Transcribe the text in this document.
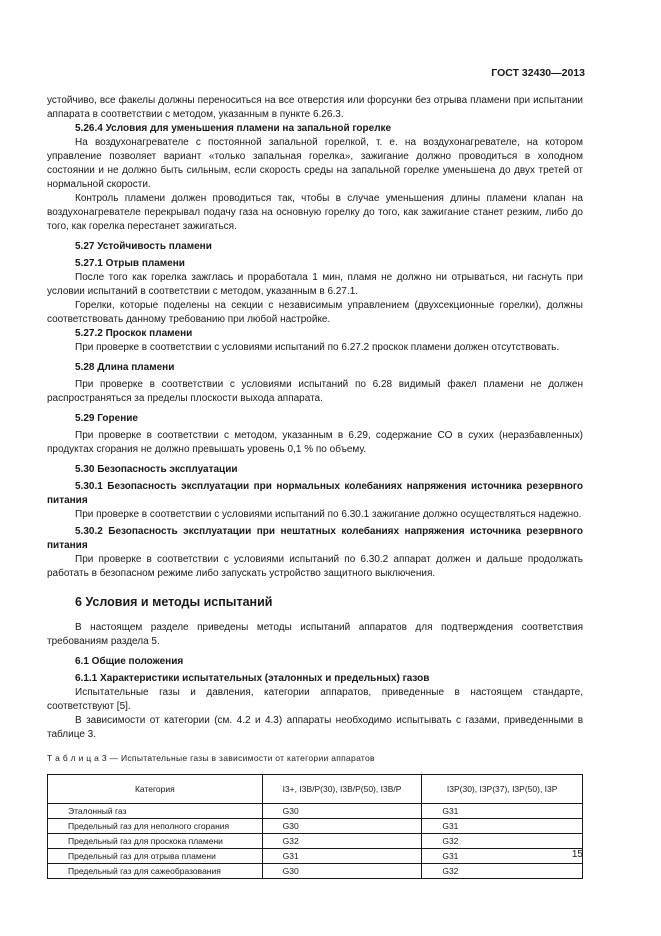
ГОСТ 32430—2013

устойчиво, все факелы должны переноситься на все отверстия или форсунки без отрыва пламени при испытании аппарата в соответствии с методом, указанным в пункте 6.26.3.

5.26.4 Условия для уменьшения пламени на запальной горелке

На воздухонагревателе с постоянной запальной горелкой, т. е. на воздухонагревателе, на котором управление позволяет вариант «только запальная горелка», зажигание должно проводиться в холодном состоянии и не должно быть сильным, если скорость среды на запальной горелке уменьшена до двух третей от нормальной скорости.

Контроль пламени должен проводиться так, чтобы в случае уменьшения длины пламени клапан на воздухонагревателе перекрывал подачу газа на основную горелку до того, как зажигание станет резким, либо до того, как горелка перестанет зажигаться.

5.27 Устойчивость пламени

5.27.1 Отрыв пламени

После того как горелка зажглась и проработала 1 мин, пламя не должно ни отрываться, ни гаснуть при условии испытаний в соответствии с методом, указанным в 6.27.1.

Горелки, которые поделены на секции с независимым управлением (двухсекционные горелки), должны соответствовать данному требованию при любой настройке.

5.27.2 Проскок пламени

При проверке в соответствии с условиями испытаний по 6.27.2 проскок пламени должен отсутствовать.

5.28 Длина пламени

При проверке в соответствии с условиями испытаний по 6.28 видимый факел пламени не должен распространяться за пределы плоскости выхода аппарата.

5.29 Горение

При проверке в соответствии с методом, указанным в 6.29, содержание CO в сухих (неразбавленных) продуктах сгорания не должно превышать уровень 0,1 % по объему.

5.30 Безопасность эксплуатации

5.30.1 Безопасность эксплуатации при нормальных колебаниях напряжения источника резервного питания

При проверке в соответствии с условиями испытаний по 6.30.1 зажигание должно осуществляться надежно.

5.30.2 Безопасность эксплуатации при нештатных колебаниях напряжения источника резервного питания

При проверке в соответствии с условиями испытаний по 6.30.2 аппарат должен и дальше продолжать работать в безопасном режиме либо запускать устройство защитного выключения.

6 Условия и методы испытаний

В настоящем разделе приведены методы испытаний аппаратов для подтверждения соответствия требованиям раздела 5.

6.1 Общие положения

6.1.1 Характеристики испытательных (эталонных и предельных) газов

Испытательные газы и давления, категории аппаратов, приведенные в настоящем стандарте, соответствуют [5].

В зависимости от категории (см. 4.2 и 4.3) аппараты необходимо испытывать с газами, приведенными в таблице 3.

Т а б л и ц а 3 — Испытательные газы в зависимости от категории аппаратов

Категория	I3+, I3B/P(30), I3B/P(50), I3B/P	I3P(30), I3P(37), I3P(50), I3P
Эталонный газ	G30	G31
Предельный газ для неполного сгорания	G30	G31
Предельный газ для проскока пламени	G32	G32
Предельный газ для отрыва пламени	G31	G31
Предельный газ для сажеобразования	G30	G32
15
